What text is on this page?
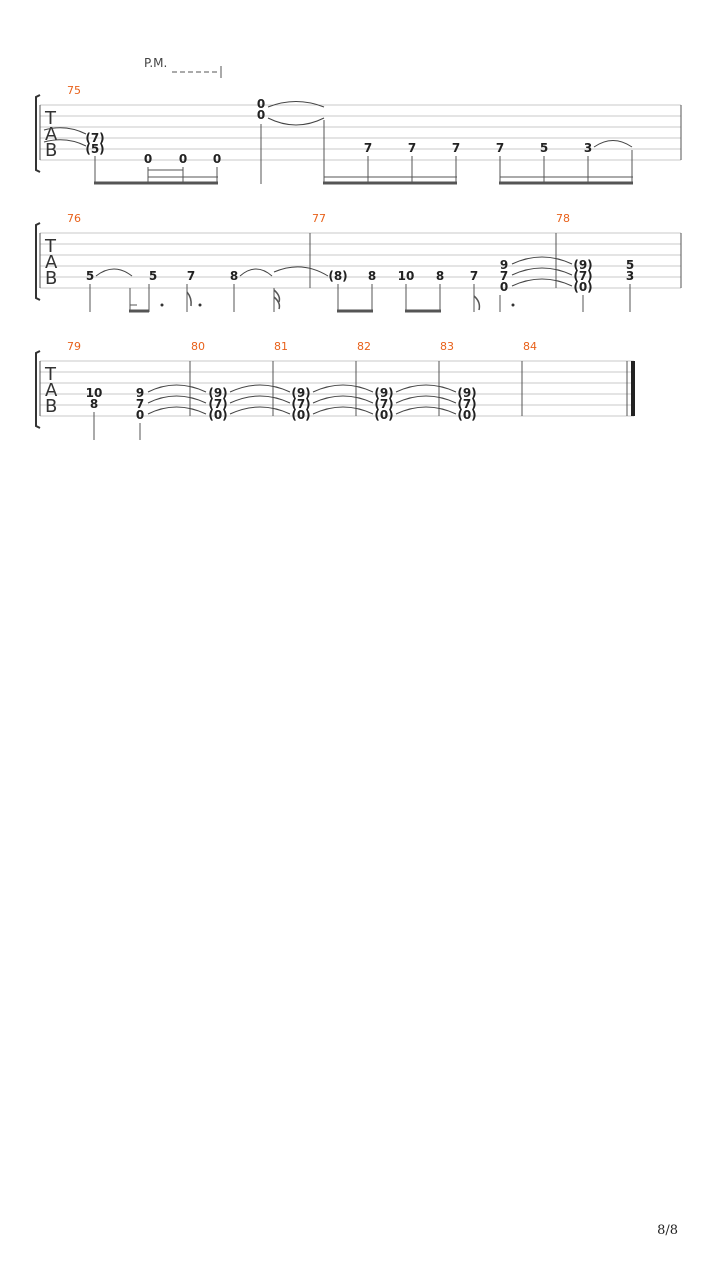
P.M.
T
A
B
75
(7)
(5)
0 0 0
0
0
7	7	7	7	5	3
T
A
B
76	77	78
5	5 7	8	(8) 8 10 8 7
9
7
0
(9)
(7)
(0)
5
3
T
A
B
79	80	81	82	83	84
10
8
9
7
0
(9)
(7)
(0)
(9)
(7)
(0)
(9)
(7)
(0)
(9)
(7)
(0)
8/8
